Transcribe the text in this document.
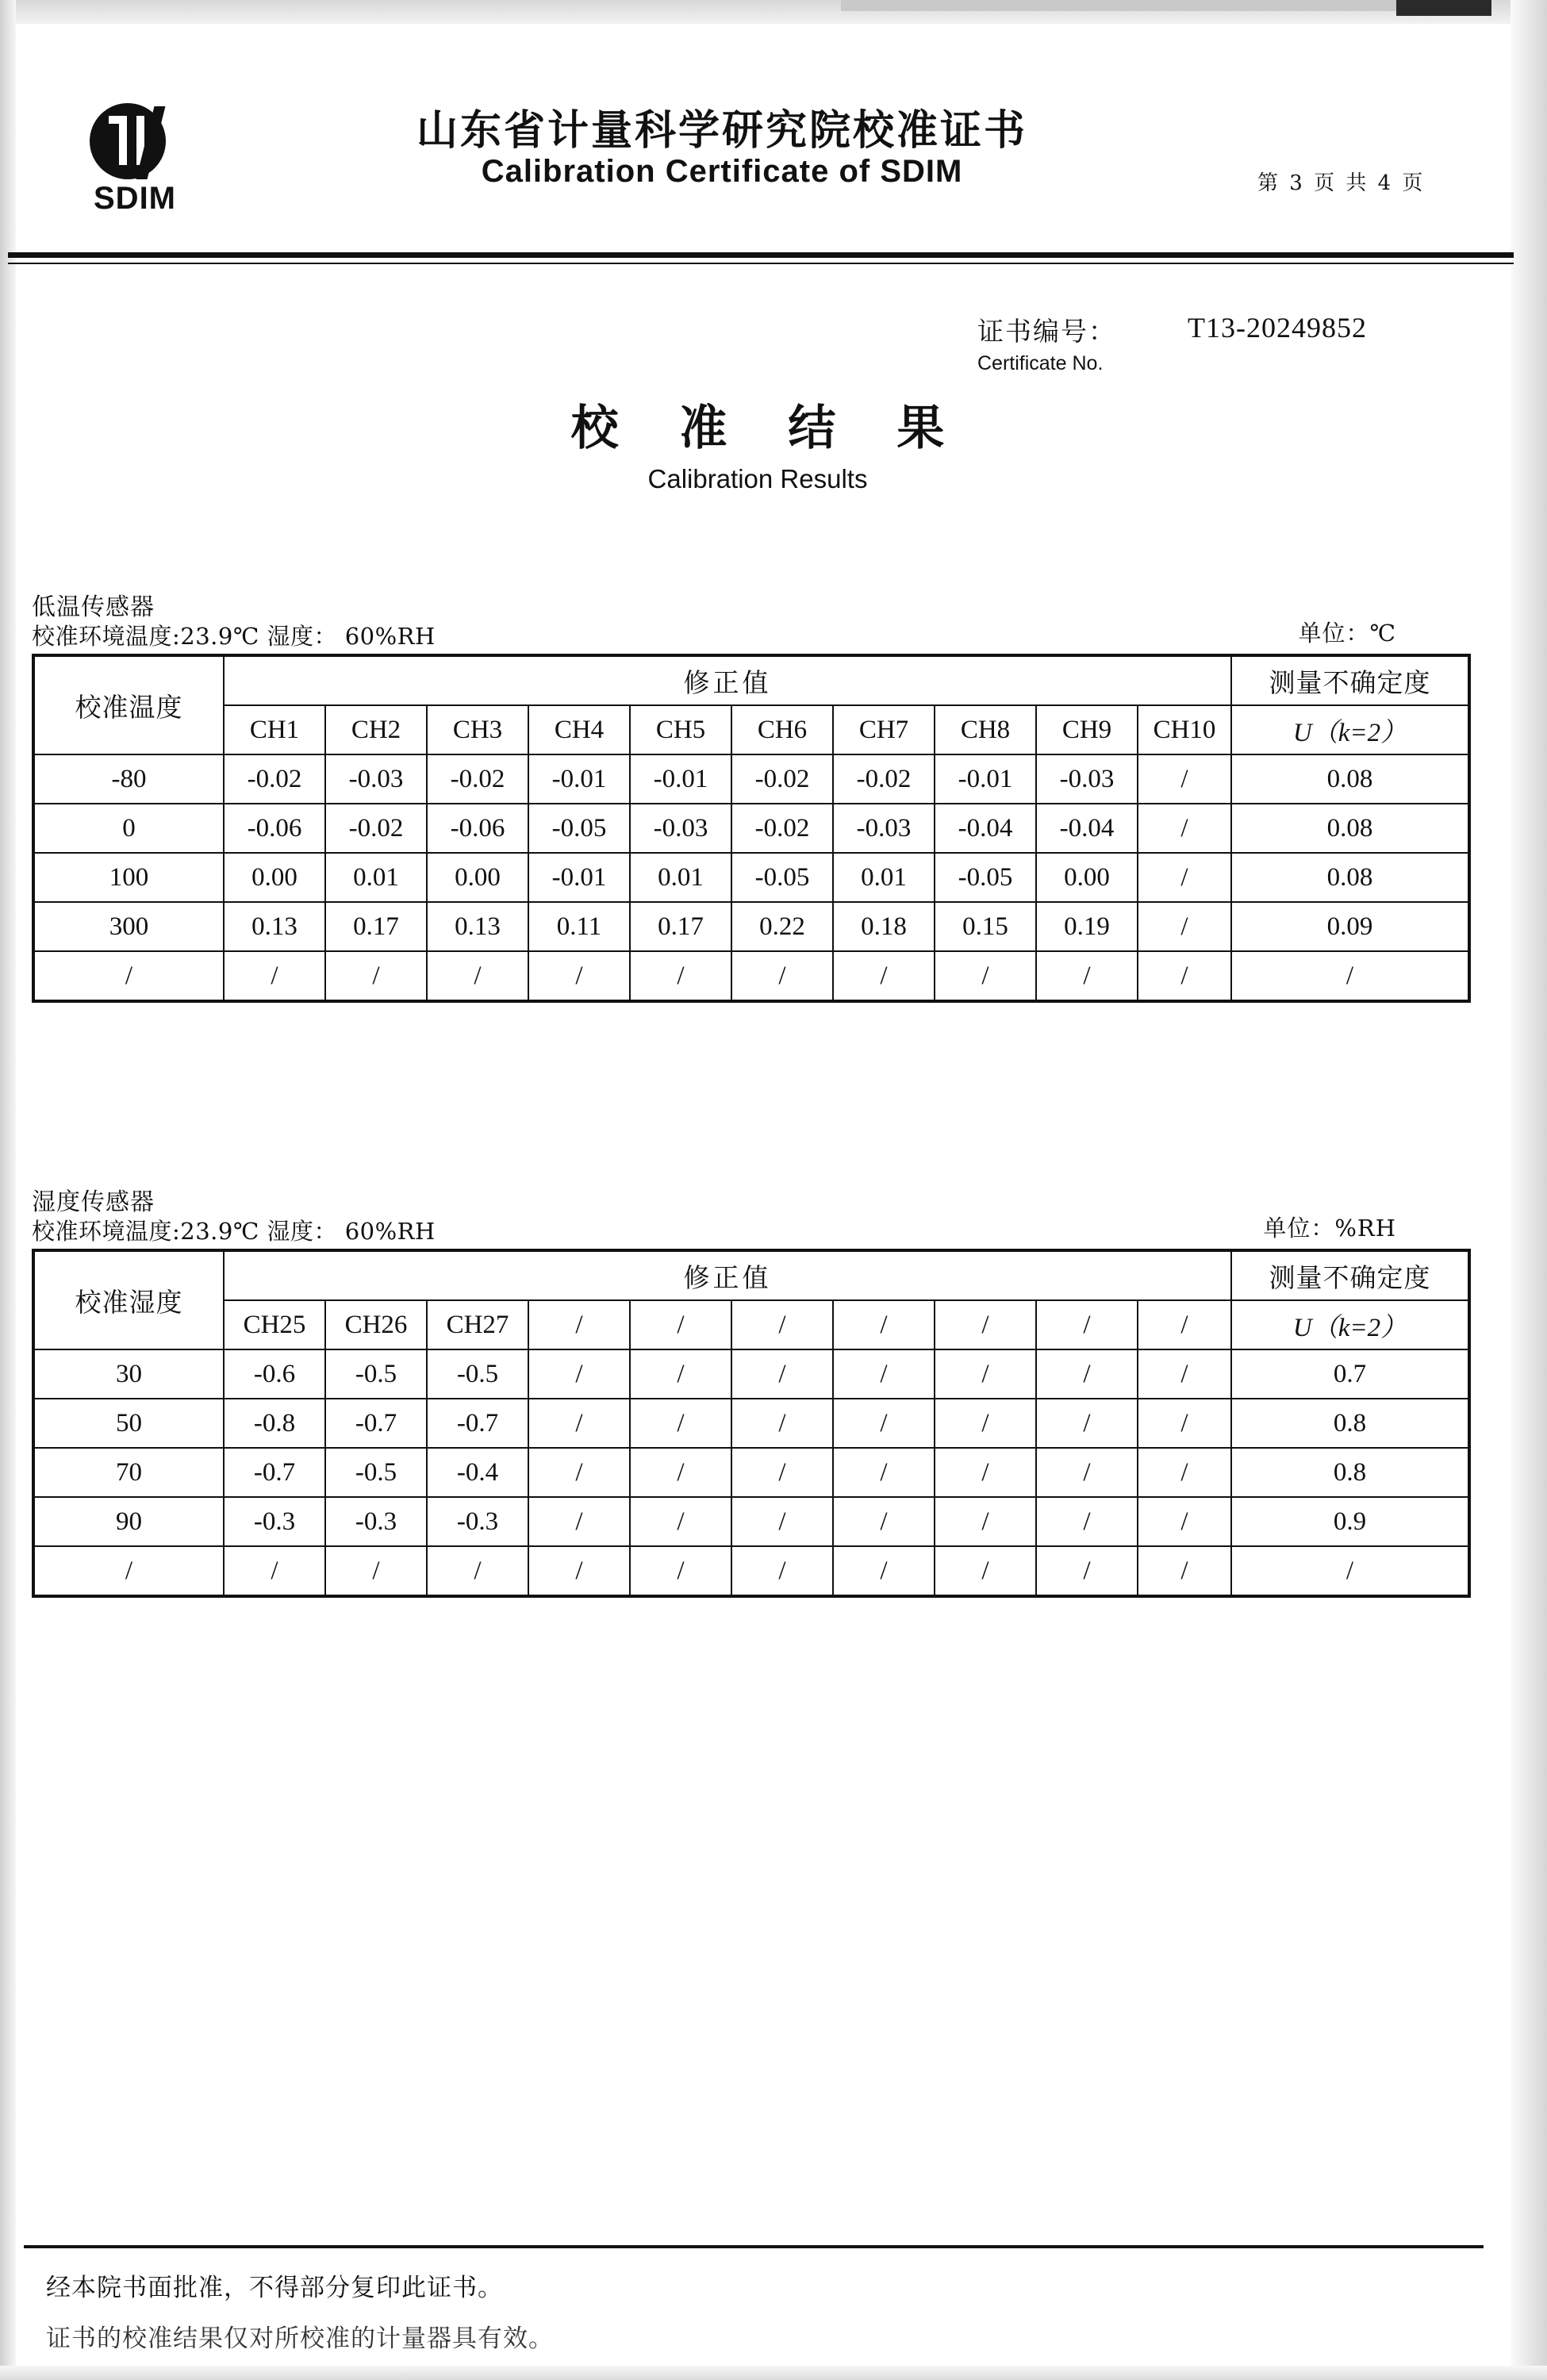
SDIM
山东省计量科学研究院校准证书
Calibration Certificate of SDIM	第 3 页 共 4 页
证书编号：	T13-20249852
Certificate No.
校 准 结 果
Calibration Results
低温传感器
校准环境温度:23.9℃ 湿度： 60%RH	单位：℃
校准温度	修正值										测量不确定度
	CH1	CH2	CH3	CH4	CH5	CH6	CH7	CH8	CH9	CH10	U（k=2）
-80	-0.02	-0.03	-0.02	-0.01	-0.01	-0.02	-0.02	-0.01	-0.03	/	0.08
0	-0.06	-0.02	-0.06	-0.05	-0.03	-0.02	-0.03	-0.04	-0.04	/	0.08
100	0.00	0.01	0.00	-0.01	0.01	-0.05	0.01	-0.05	0.00	/	0.08
300	0.13	0.17	0.13	0.11	0.17	0.22	0.18	0.15	0.19	/	0.09
/	/	/	/	/	/	/	/	/	/	/	/
湿度传感器
校准环境温度:23.9℃ 湿度： 60%RH	单位：%RH
校准湿度	修正值										测量不确定度
	CH25	CH26	CH27	/	/	/	/	/	/	/	U（k=2）
30	-0.6	-0.5	-0.5	/	/	/	/	/	/	/	0.7
50	-0.8	-0.7	-0.7	/	/	/	/	/	/	/	0.8
70	-0.7	-0.5	-0.4	/	/	/	/	/	/	/	0.8
90	-0.3	-0.3	-0.3	/	/	/	/	/	/	/	0.9
/	/	/	/	/	/	/	/	/	/	/	/
经本院书面批准，不得部分复印此证书。
证书的校准结果仅对所校准的计量器具有效。
